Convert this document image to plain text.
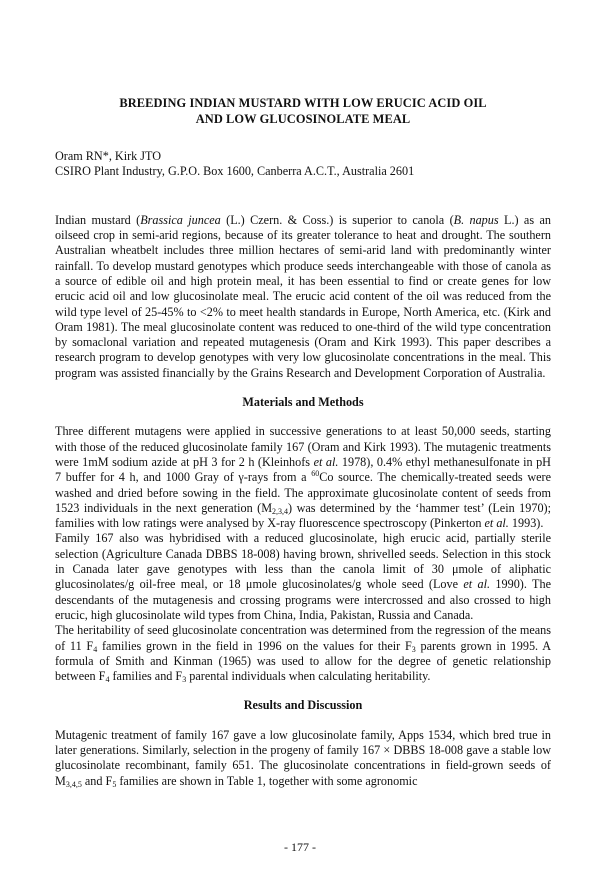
BREEDING INDIAN MUSTARD WITH LOW ERUCIC ACID OIL
AND LOW GLUCOSINOLATE MEAL
Oram RN*, Kirk JTO
CSIRO Plant Industry, G.P.O. Box 1600, Canberra A.C.T., Australia 2601

Indian mustard (Brassica juncea (L.) Czern. & Coss.) is superior to canola (B. napus L.) as an oilseed crop in semi-arid regions, because of its greater tolerance to heat and drought. The southern Australian wheatbelt includes three million hectares of semi-arid land with predominantly winter rainfall. To develop mustard genotypes which produce seeds interchangeable with those of canola as a source of edible oil and high protein meal, it has been essential to find or create genes for low erucic acid oil and low glucosinolate meal. The erucic acid content of the oil was reduced from the wild type level of 25-45% to <2% to meet health standards in Europe, North America, etc. (Kirk and Oram 1981). The meal glucosinolate content was reduced to one-third of the wild type concentration by somaclonal variation and repeated mutagenesis (Oram and Kirk 1993). This paper describes a research program to develop genotypes with very low glucosinolate concentrations in the meal. This program was assisted financially by the Grains Research and Development Corporation of Australia.

Materials and Methods

Three different mutagens were applied in successive generations to at least 50,000 seeds, starting with those of the reduced glucosinolate family 167 (Oram and Kirk 1993). The mutagenic treatments were 1mM sodium azide at pH 3 for 2 h (Kleinhofs et al. 1978), 0.4% ethyl methanesulfonate in pH 7 buffer for 4 h, and 1000 Gray of γ-rays from a $^{60}$Co source. The chemically-treated seeds were washed and dried before sowing in the field. The approximate glucosinolate content of seeds from 1523 individuals in the next generation $(M_{2,3,4})$ was determined by the ‘hammer test’ (Lein 1970); families with low ratings were analysed by X-ray fluorescence spectroscopy (Pinkerton et al. 1993).

Family 167 also was hybridised with a reduced glucosinolate, high erucic acid, partially sterile selection (Agriculture Canada DBBS 18-008) having brown, shrivelled seeds. Selection in this stock in Canada later gave genotypes with less than the canola limit of 30 μmole of aliphatic glucosinolates/g oil-free meal, or 18 μmole glucosinolates/g whole seed (Love et al. 1990). The descendants of the mutagenesis and crossing programs were intercrossed and also crossed to high erucic, high glucosinolate wild types from China, India, Pakistan, Russia and Canada.

The heritability of seed glucosinolate concentration was determined from the regression of the means of 11 $F_4$ families grown in the field in 1996 on the values for their $F_3$ parents grown in 1995. A formula of Smith and Kinman (1965) was used to allow for the degree of genetic relationship between $F_4$ families and $F_3$ parental individuals when calculating heritability.

Results and Discussion

Mutagenic treatment of family 167 gave a low glucosinolate family, Apps 1534, which bred true in later generations. Similarly, selection in the progeny of family 167 × DBBS 18-008 gave a stable low glucosinolate recombinant, family 651. The glucosinolate concentrations in field-grown seeds of $M_{3,4,5}$ and $F_5$ families are shown in Table 1, together with some agronomic

- 177 -
